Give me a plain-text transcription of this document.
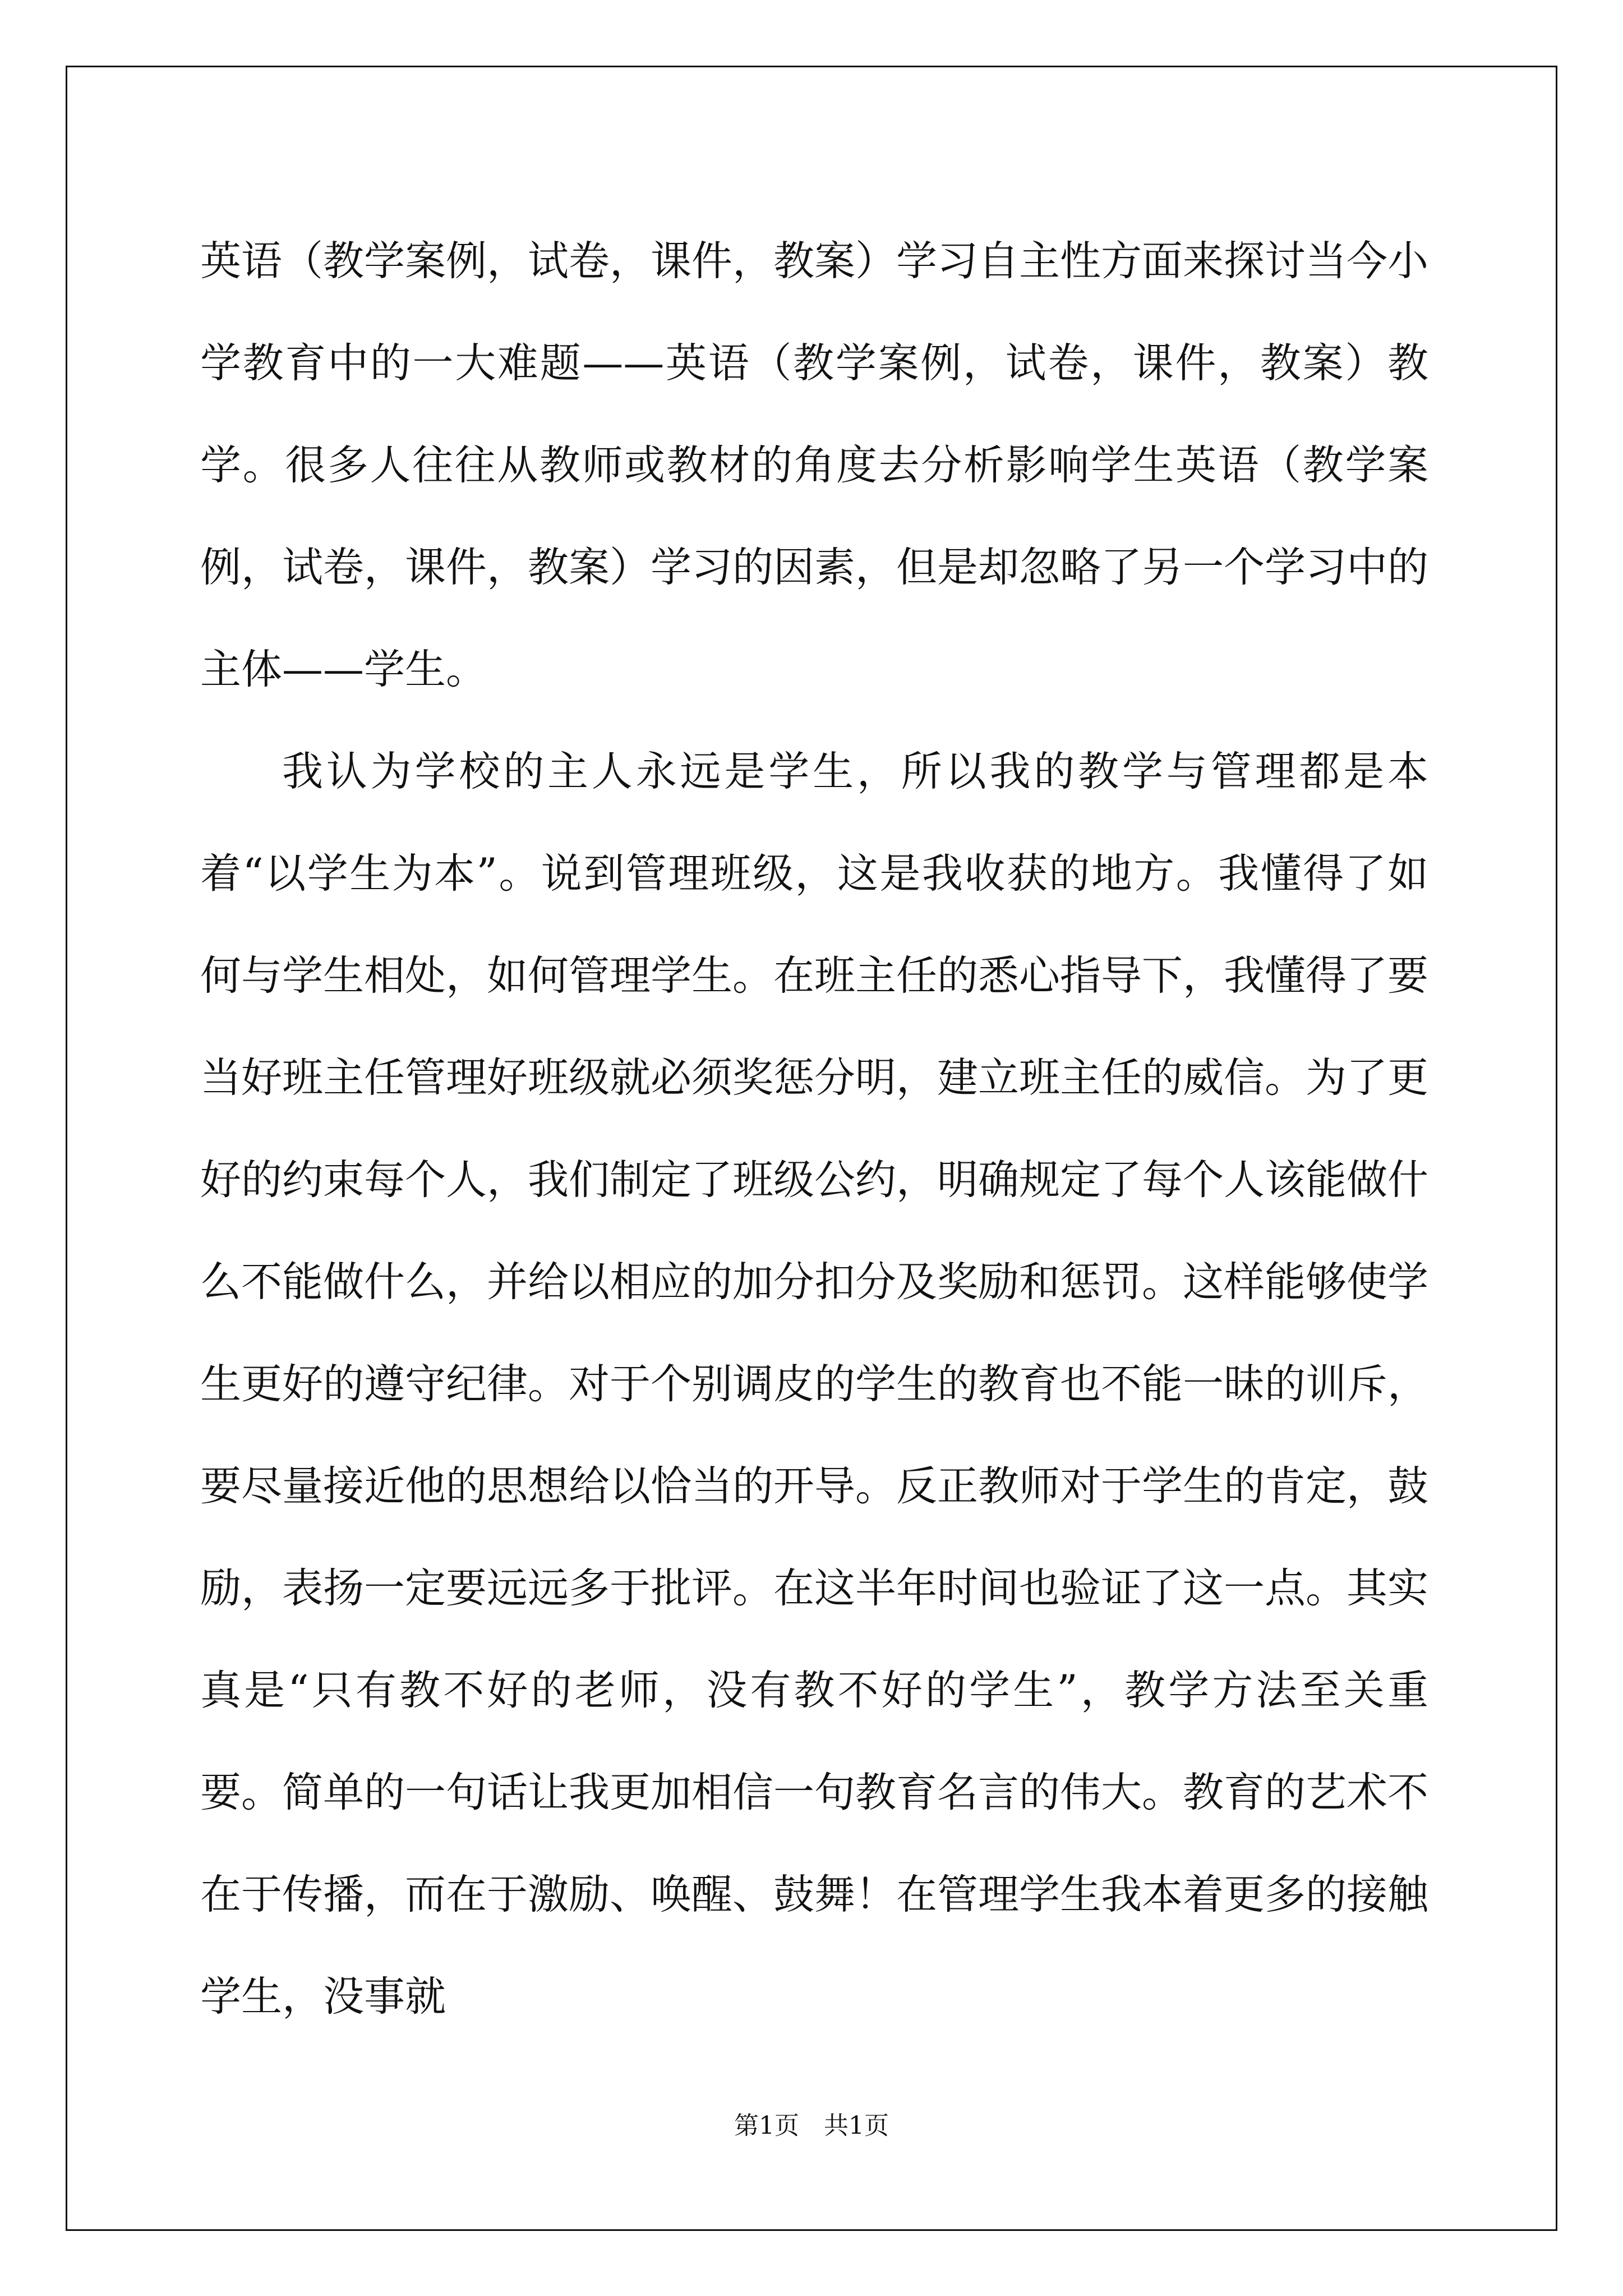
英语（教学案例，试卷，课件，教案）学习自主性方面来探讨当今小学教育中的一大难题——英语（教学案例，试卷，课件，教案）教学。很多人往往从教师或教材的角度去分析影响学生英语（教学案例，试卷，课件，教案）学习的因素，但是却忽略了另一个学习中的主体——学生。

我认为学校的主人永远是学生，所以我的教学与管理都是本着“以学生为本”。说到管理班级，这是我收获的地方。我懂得了如何与学生相处，如何管理学生。在班主任的悉心指导下，我懂得了要当好班主任管理好班级就必须奖惩分明，建立班主任的威信。为了更好的约束每个人，我们制定了班级公约，明确规定了每个人该能做什么不能做什么，并给以相应的加分扣分及奖励和惩罚。这样能够使学生更好的遵守纪律。对于个别调皮的学生的教育也不能一昧的训斥，要尽量接近他的思想给以恰当的开导。反正教师对于学生的肯定，鼓励，表扬一定要远远多于批评。在这半年时间也验证了这一点。其实真是“只有教不好的老师，没有教不好的学生”，教学方法至关重要。简单的一句话让我更加相信一句教育名言的伟大。教育的艺术不在于传播，而在于激励、唤醒、鼓舞！在管理学生我本着更多的接触学生，没事就

第1页 共1页
